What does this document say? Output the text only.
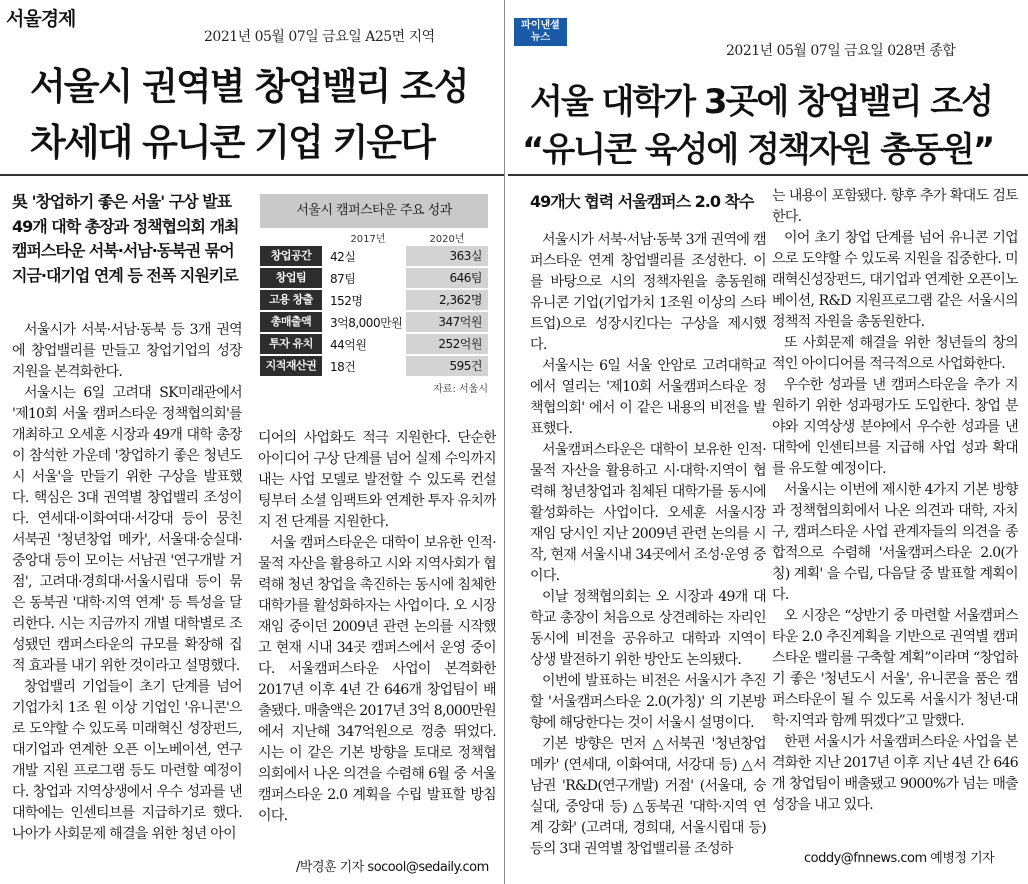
서울경제
2021년 05월 07일 금요일 A25면 지역
서울시 권역별 창업밸리 조성
차세대 유니콘 기업 키운다
吳 '창업하기 좋은 서울' 구상 발표
49개 대학 총장과 정책협의회 개최
캠퍼스타운 서북·서남·동북권 묶어
지금·대기업 연계 등 전폭 지원키로
서울시 캠퍼스타운 주요 성과
2017년	2020년
창업공간	42실	363실
창업팀	87팀	646팀
고용 창출	152명	2,362명
총매출액	3억8,000만원	347억원
투자 유치	44억원	252억원
지적재산권	18건	595건
자료: 서울시

서울시가 서북·서남·동북 등 3개 권역에 창업밸리를 만들고 창업기업의 성장 지원을 본격화한다.

서울시는 6일 고려대 SK미래관에서 '제10회 서울 캠퍼스타운 정책협의회'를 개최하고 오세훈 시장과 49개 대학 총장이 참석한 가운데 '창업하기 좋은 청년도시 서울'을 만들기 위한 구상을 발표했다. 핵심은 3대 권역별 창업밸리 조성이다. 연세대·이화여대·서강대 등이 뭉친 서북권 '청년창업 메카', 서울대·숭실대·중앙대 등이 모이는 서남권 '연구개발 거점', 고려대·경희대·서울시립대 등이 묶은 동북권 '대학·지역 연계' 등 특성을 달리한다. 시는 지금까지 개별 대학별로 조성됐던 캠퍼스타운의 규모를 확장해 집적 효과를 내기 위한 것이라고 설명했다.

창업밸리 기업들이 초기 단계를 넘어 기업가치 1조 원 이상 기업인 '유니콘'으로 도약할 수 있도록 미래혁신 성장펀드, 대기업과 연계한 오픈 이노베이션, 연구개발 지원 프로그램 등도 마련할 예정이다. 창업과 지역상생에서 우수 성과를 낸 대학에는 인센티브를 지급하기로 했다. 나아가 사회문제 해결을 위한 청년 아이

디어의 사업화도 적극 지원한다. 단순한 아이디어 구상 단계를 넘어 실제 수익까지 내는 사업 모델로 발전할 수 있도록 컨설팅부터 소셜 임팩트와 연계한 투자 유치까지 전 단계를 지원한다.

서울 캠퍼스타운은 대학이 보유한 인적·물적 자산을 활용하고 시와 지역사회가 협력해 청년 창업을 촉진하는 동시에 침체한 대학가를 활성화하자는 사업이다. 오 시장 재임 중이던 2009년 관련 논의를 시작했고 현재 시내 34곳 캠퍼스에서 운영 중이다. 서울캠퍼스타운 사업이 본격화한 2017년 이후 4년 간 646개 창업팀이 배출됐다. 매출액은 2017년 3억 8,000만원에서 지난해 347억원으로 껑충 뛰었다. 시는 이 같은 기본 방향을 토대로 정책협의회에서 나온 의견을 수렴해 6월 중 서울 캠퍼스타운 2.0 계획을 수립 발표할 방침이다.

/박경훈 기자 socool@sedaily.com
파이낸셜
뉴스
2021년 05월 07일 금요일 028면 종합
서울 대학가 3곳에 창업밸리 조성
“유니콘 육성에 정책자원 총동원”
49개大 협력 서울캠퍼스 2.0 착수

서울시가 서북·서남·동북 3개 권역에 캠퍼스타운 연계 창업밸리를 조성한다. 이를 바탕으로 시의 정책자원을 총동원해 유니콘 기업(기업가치 1조원 이상의 스타트업)으로 성장시킨다는 구상을 제시했다.

서울시는 6일 서울 안암로 고려대학교에서 열리는 '제10회 서울캠퍼스타운 정책협의회' 에서 이 같은 내용의 비전을 발표했다.

서울캠퍼스타운은 대학이 보유한 인적·물적 자산을 활용하고 시·대학·지역이 협력해 청년창업과 침체된 대학가를 동시에 활성화하는 사업이다. 오세훈 서울시장 재임 당시인 지난 2009년 관련 논의를 시작, 현재 서울시내 34곳에서 조성·운영 중이다.

이날 정책협의회는 오 시장과 49개 대학교 총장이 처음으로 상견례하는 자리인 동시에 비전을 공유하고 대학과 지역이 상생 발전하기 위한 방안도 논의됐다.

이번에 발표하는 비전은 서울시가 추진할 '서울캠퍼스타운 2.0(가칭)' 의 기본방향에 해당한다는 것이 서울시 설명이다.

기본 방향은 먼저 △서북권 '청년창업 메카' (연세대, 이화여대, 서강대 등) △서남권 'R&D(연구개발) 거점' (서울대, 숭실대, 중앙대 등) △동북권 '대학·지역 연계 강화' (고려대, 경희대, 서울시립대 등) 등의 3대 권역별 창업밸리를 조성하

는 내용이 포함됐다. 향후 추가 확대도 검토한다.

이어 초기 창업 단계를 넘어 유니콘 기업으로 도약할 수 있도록 지원을 집중한다. 미래혁신성장펀드, 대기업과 연계한 오픈이노베이션, R&D 지원프로그램 같은 서울시의 정책적 자원을 총동원한다.

또 사회문제 해결을 위한 청년들의 창의적인 아이디어를 적극적으로 사업화한다.

우수한 성과를 낸 캠퍼스타운을 추가 지원하기 위한 성과평가도 도입한다. 창업 분야와 지역상생 분야에서 우수한 성과를 낸 대학에 인센티브를 지급해 사업 성과 확대를 유도할 예정이다.

서울시는 이번에 제시한 4가지 기본 방향과 정책협의회에서 나온 의견과 대학, 자치구, 캠퍼스타운 사업 관계자들의 의견을 종합적으로 수렴해 '서울캠퍼스타운 2.0(가칭) 계획' 을 수립, 다음달 중 발표할 계획이다.

오 시장은 “상반기 중 마련할 서울캠퍼스타운 2.0 추진계획을 기반으로 권역별 캠퍼스타운 밸리를 구축할 계획”이라며 “창업하기 좋은 '청년도시 서울', 유니콘을 품은 캠퍼스타운이 될 수 있도록 서울시가 청년·대학·지역과 함께 뛰겠다”고 말했다.

한편 서울시가 서울캠퍼스타운 사업을 본격화한 지난 2017년 이후 지난 4년 간 646개 창업팀이 배출됐고 9000%가 넘는 매출 성장을 내고 있다.

coddy@fnnews.com 예병정 기자
